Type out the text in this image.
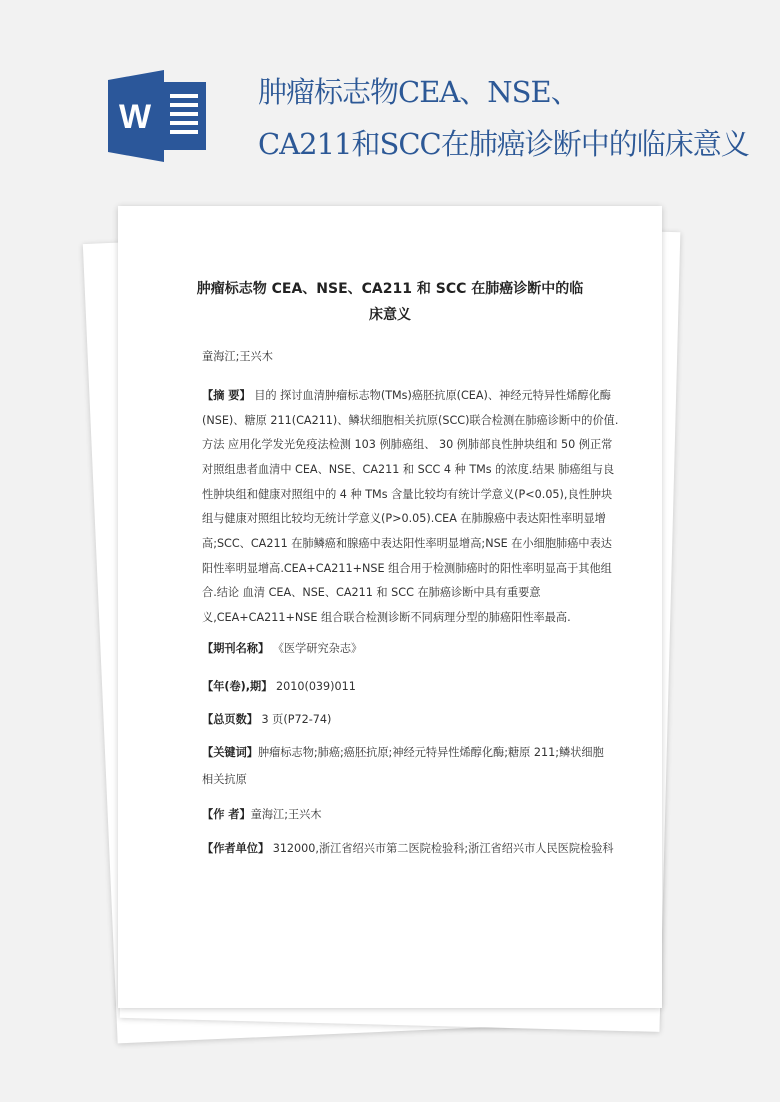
W
肿瘤标志物CEA、NSE、
CA211和SCC在肺癌诊断中的临床意义
肿瘤标志物 CEA、NSE、CA211 和 SCC 在肺癌诊断中的临
床意义
童海江;王兴木
【摘 要】 目的 探讨血清肿瘤标志物(TMs)癌胚抗原(CEA)、神经元特异性烯醇化酶
(NSE)、糖原 211(CA211)、鳞状细胞相关抗原(SCC)联合检测在肺癌诊断中的价值.
方法 应用化学发光免疫法检测 103 例肺癌组、 30 例肺部良性肿块组和 50 例正常
对照组患者血清中 CEA、NSE、CA211 和 SCC 4 种 TMs 的浓度.结果 肺癌组与良
性肿块组和健康对照组中的 4 种 TMs 含量比较均有统计学意义(P<0.05),良性肿块
组与健康对照组比较均无统计学意义(P>0.05).CEA 在肺腺癌中表达阳性率明显增
高;SCC、CA211 在肺鳞癌和腺癌中表达阳性率明显增高;NSE 在小细胞肺癌中表达
阳性率明显增高.CEA+CA211+NSE 组合用于检测肺癌时的阳性率明显高于其他组
合.结论 血清 CEA、NSE、CA211 和 SCC 在肺癌诊断中具有重要意
义,CEA+CA211+NSE 组合联合检测诊断不同病理分型的肺癌阳性率最高.
【期刊名称】 《医学研究杂志》
【年(卷),期】 2010(039)011
【总页数】 3 页(P72-74)
【关键词】肿瘤标志物;肺癌;癌胚抗原;神经元特异性烯醇化酶;糖原 211;鳞状细胞
相关抗原
【作 者】童海江;王兴木
【作者单位】 312000,浙江省绍兴市第二医院检验科;浙江省绍兴市人民医院检验科
